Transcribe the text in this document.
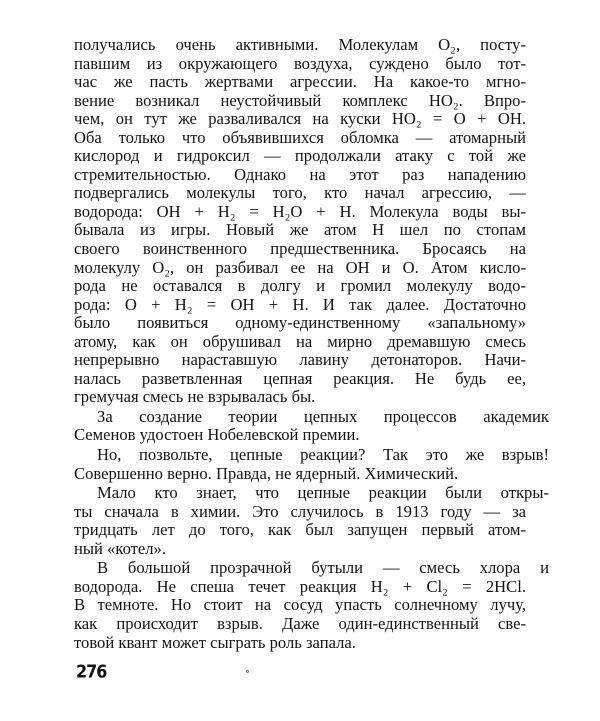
получались очень активными. Молекулам O₂, посту-
павшим из окружающего воздуха, суждено было тот-
час же пасть жертвами агрессии. На какое-то мгно-
вение возникал неустойчивый комплекс HO₂. Впро-
чем, он тут же разваливался на куски HO₂ = O + OH.
Оба только что объявившихся обломка — атомарный
кислород и гидроксил — продолжали атаку с той же
стремительностью. Однако на этот раз нападению
подвергались молекулы того, кто начал агрессию, —
водорода: OH + H₂ = H₂O + H. Молекула воды вы-
бывала из игры. Новый же атом H шел по стопам
своего воинственного предшественника. Бросаясь на
молекулу O₂, он разбивал ее на OH и O. Атом кисло-
рода не оставался в долгу и громил молекулу водо-
рода: O + H₂ = OH + H. И так далее. Достаточно
было появиться одному-единственному «запальному»
атому, как он обрушивал на мирно дремавшую смесь
непрерывно нараставшую лавину детонаторов. Начи-
налась разветвленная цепная реакция. Не будь ее,
гремучая смесь не взрывалась бы.
За создание теории цепных процессов академик
Семенов удостоен Нобелевской премии.
Но, позвольте, цепные реакции? Так это же взрыв!
Совершенно верно. Правда, не ядерный. Химический.
Мало кто знает, что цепные реакции были откры-
ты сначала в химии. Это случилось в 1913 году — за
тридцать лет до того, как был запущен первый атом-
ный «котел».
В большой прозрачной бутыли — смесь хлора и
водорода. Не спеша течет реакция H₂ + Cl₂ = 2HCl.
В темноте. Но стоит на сосуд упасть солнечному лучу,
как происходит взрыв. Даже один-единственный све-
товой квант может сыграть роль запала.
276
